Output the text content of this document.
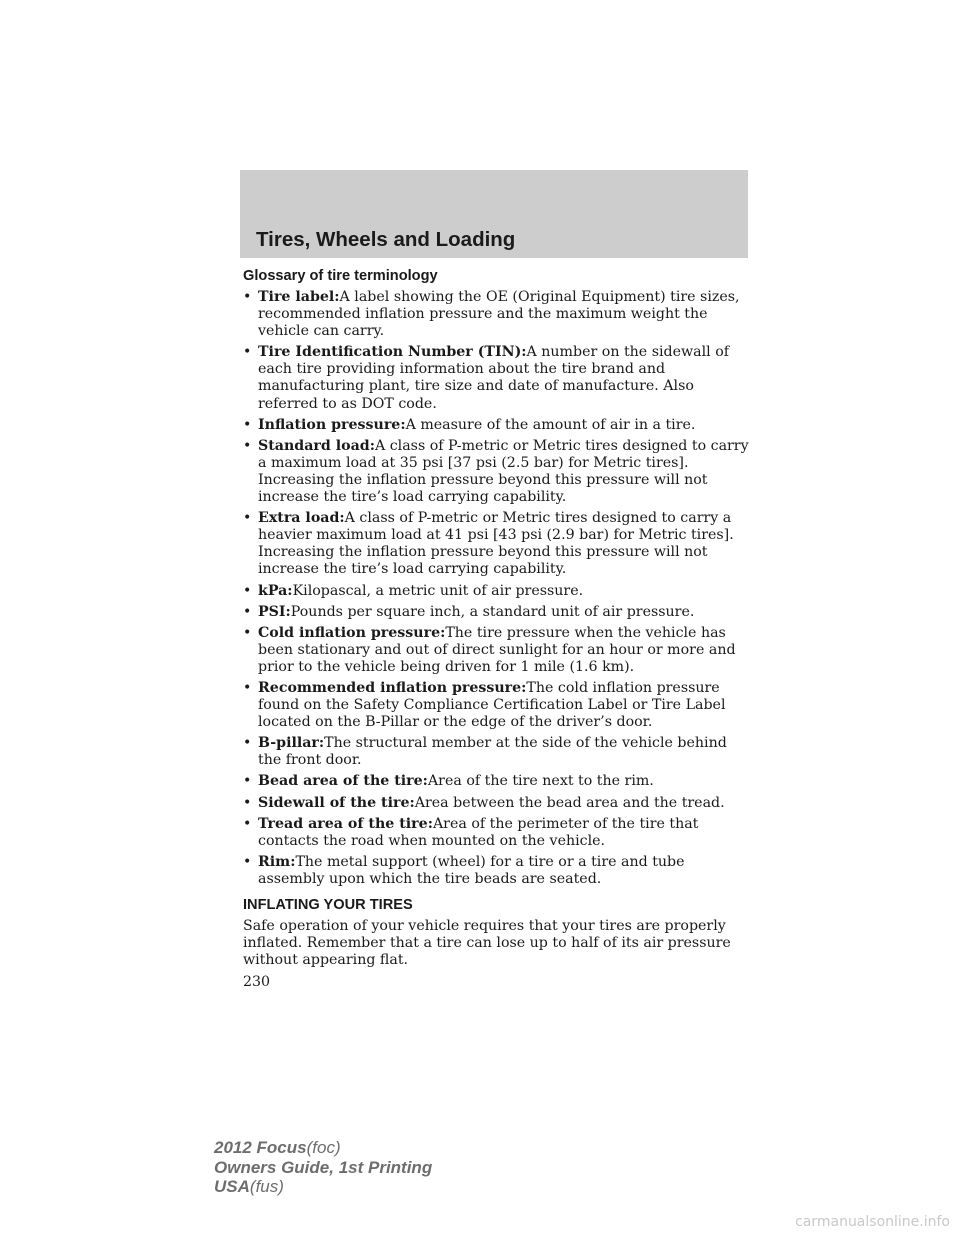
Tires, Wheels and Loading
Glossary of tire terminology
• Tire label:A label showing the OE (Original Equipment) tire sizes, recommended inflation pressure and the maximum weight the vehicle can carry.
• Tire Identification Number (TIN):A number on the sidewall of each tire providing information about the tire brand and manufacturing plant, tire size and date of manufacture. Also referred to as DOT code.
• Inflation pressure:A measure of the amount of air in a tire.
• Standard load:A class of P-metric or Metric tires designed to carry a maximum load at 35 psi [37 psi (2.5 bar) for Metric tires]. Increasing the inflation pressure beyond this pressure will not increase the tire’s load carrying capability.
• Extra load:A class of P-metric or Metric tires designed to carry a heavier maximum load at 41 psi [43 psi (2.9 bar) for Metric tires]. Increasing the inflation pressure beyond this pressure will not increase the tire’s load carrying capability.
• kPa:Kilopascal, a metric unit of air pressure.
• PSI:Pounds per square inch, a standard unit of air pressure.
• Cold inflation pressure:The tire pressure when the vehicle has been stationary and out of direct sunlight for an hour or more and prior to the vehicle being driven for 1 mile (1.6 km).
• Recommended inflation pressure:The cold inflation pressure found on the Safety Compliance Certification Label or Tire Label located on the B-Pillar or the edge of the driver’s door.
• B-pillar:The structural member at the side of the vehicle behind the front door.
• Bead area of the tire:Area of the tire next to the rim.
• Sidewall of the tire:Area between the bead area and the tread.
• Tread area of the tire:Area of the perimeter of the tire that contacts the road when mounted on the vehicle.
• Rim:The metal support (wheel) for a tire or a tire and tube assembly upon which the tire beads are seated.
INFLATING YOUR TIRES

Safe operation of your vehicle requires that your tires are properly inflated. Remember that a tire can lose up to half of its air pressure without appearing flat.

230

2012 Focus(foc)
Owners Guide, 1st Printing
USA(fus)
carmanualsonline.info
